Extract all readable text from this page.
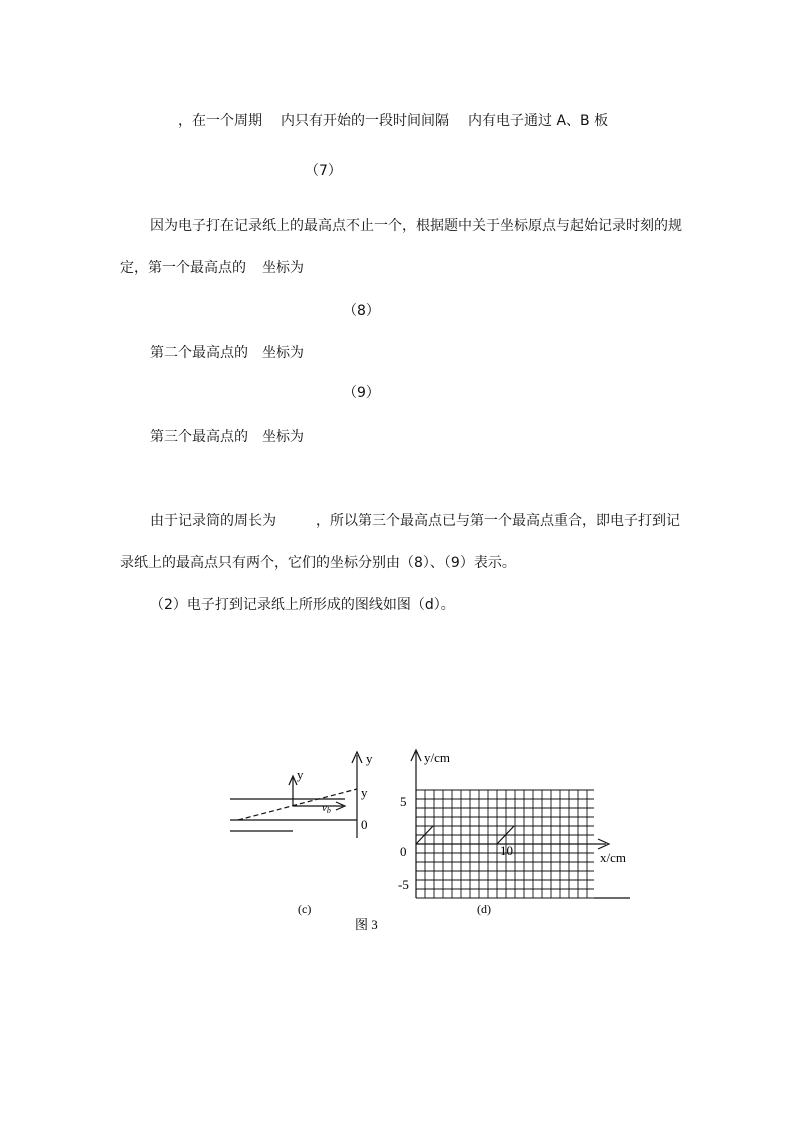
，在一个周期 内只有开始的一段时间间隔 内有电子通过 A、B 板
（7）
因为电子打在记录纸上的最高点不止一个，根据题中关于坐标原点与起始记录时刻的规
定，第一个最高点的 坐标为
（8）
第二个最高点的 坐标为
（9）
第三个最高点的 坐标为
由于记录筒的周长为	，所以第三个最高点已与第一个最高点重合，即电子打到记
录纸上的最高点只有两个，它们的坐标分别由（8）、（9）表示。
（2）电子打到记录纸上所形成的图线如图（d）。
y
y
y
vb
0
(c)
y/cm
x/cm
5
0
-5
10
(d)
图 3
